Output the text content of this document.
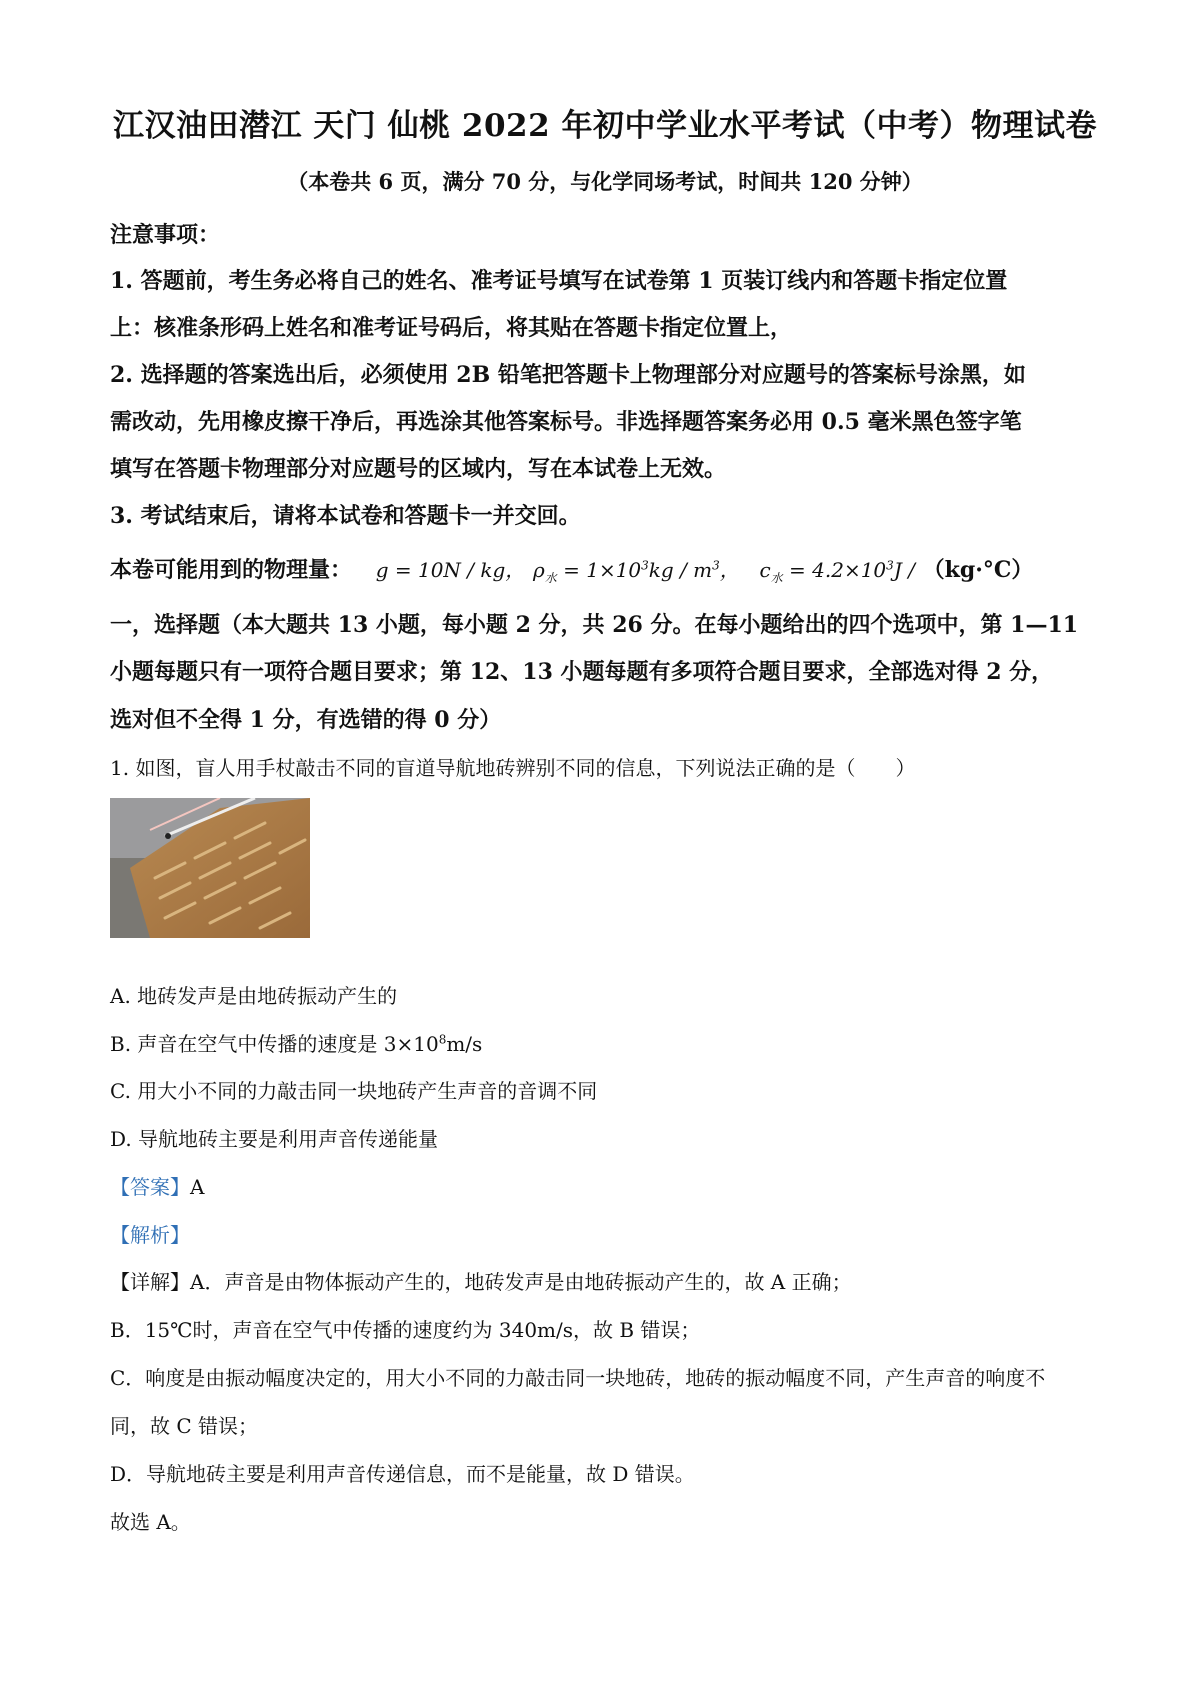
江汉油田潜江 天门 仙桃 2022 年初中学业水平考试（中考）物理试卷
（本卷共 6 页，满分 70 分，与化学同场考试，时间共 120 分钟）
注意事项：
1. 答题前，考生务必将自己的姓名、准考证号填写在试卷第 1 页装订线内和答题卡指定位置
上：核准条形码上姓名和准考证号码后，将其贴在答题卡指定位置上，
2. 选择题的答案选出后，必须使用 2B 铅笔把答题卡上物理部分对应题号的答案标号涂黑，如
需改动，先用橡皮擦干净后，再选涂其他答案标号。非选择题答案务必用 0.5 毫米黑色签字笔
填写在答题卡物理部分对应题号的区域内，写在本试卷上无效。
3. 考试结束后，请将本试卷和答题卡一并交回。
本卷可能用到的物理量： g = 10N / kg， $\rho_水 = 1\times 10^3kg / m^3$， $c_水 = 4.2\times 10^3J / (kg\cdot^\circ C)$
一，选择题（本大题共 13 小题，每小题 2 分，共 26 分。在每小题给出的四个选项中，第 1—11
小题每题只有一项符合题目要求；第 12、13 小题每题有多项符合题目要求，全部选对得 2 分，
选对但不全得 1 分，有选错的得 0 分）
1. 如图，盲人用手杖敲击不同的盲道导航地砖辨别不同的信息，下列说法正确的是（　　）
A. 地砖发声是由地砖振动产生的
B. 声音在空气中传播的速度是 $3\times 10^8m/s$
C. 用大小不同的力敲击同一块地砖产生声音的音调不同
D. 导航地砖主要是利用声音传递能量
【答案】A
【解析】
【详解】A．声音是由物体振动产生的，地砖发声是由地砖振动产生的，故 A 正确；
B．15℃时，声音在空气中传播的速度约为 340m/s，故 B 错误；
C．响度是由振动幅度决定的，用大小不同的力敲击同一块地砖，地砖的振动幅度不同，产生声音的响度不
同，故 C 错误；
D．导航地砖主要是利用声音传递信息，而不是能量，故 D 错误。
故选 A。
